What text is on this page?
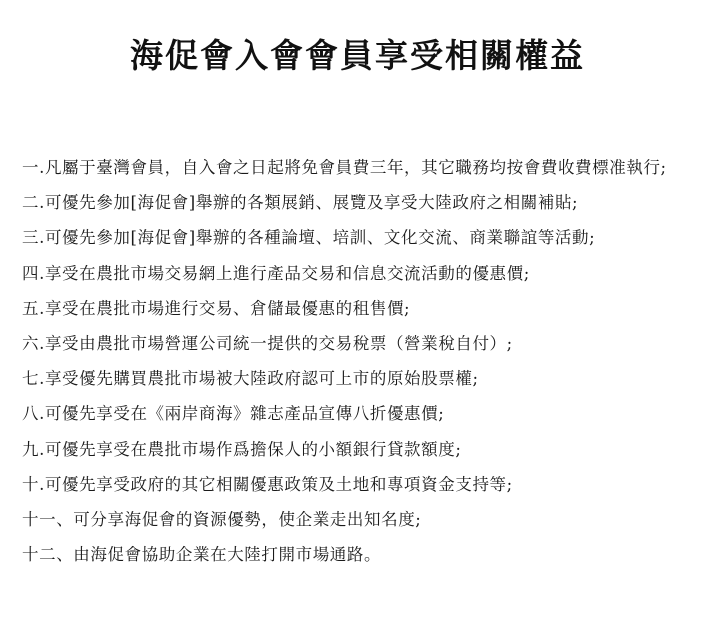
海促會入會會員享受相關權益
一.凡屬于臺灣會員，自入會之日起將免會員費三年，其它職務均按會費收費標准執行;
二.可優先參加[海促會]舉辦的各類展銷、展覽及享受大陸政府之相關補貼;
三.可優先參加[海促會]舉辦的各種論壇、培訓、文化交流、商業聯誼等活動;
四.享受在農批市場交易網上進行產品交易和信息交流活動的優惠價;
五.享受在農批市場進行交易、倉儲最優惠的租售價;
六.享受由農批市場營運公司統一提供的交易稅票（營業稅自付）;
七.享受優先購買農批市場被大陸政府認可上市的原始股票權;
八.可優先享受在《兩岸商海》雜志產品宣傳八折優惠價;
九.可優先享受在農批市場作爲擔保人的小額銀行貸款額度;
十.可優先享受政府的其它相關優惠政策及土地和專項資金支持等;
十一、可分享海促會的資源優勢，使企業走出知名度;
十二、由海促會協助企業在大陸打開市場通路。
